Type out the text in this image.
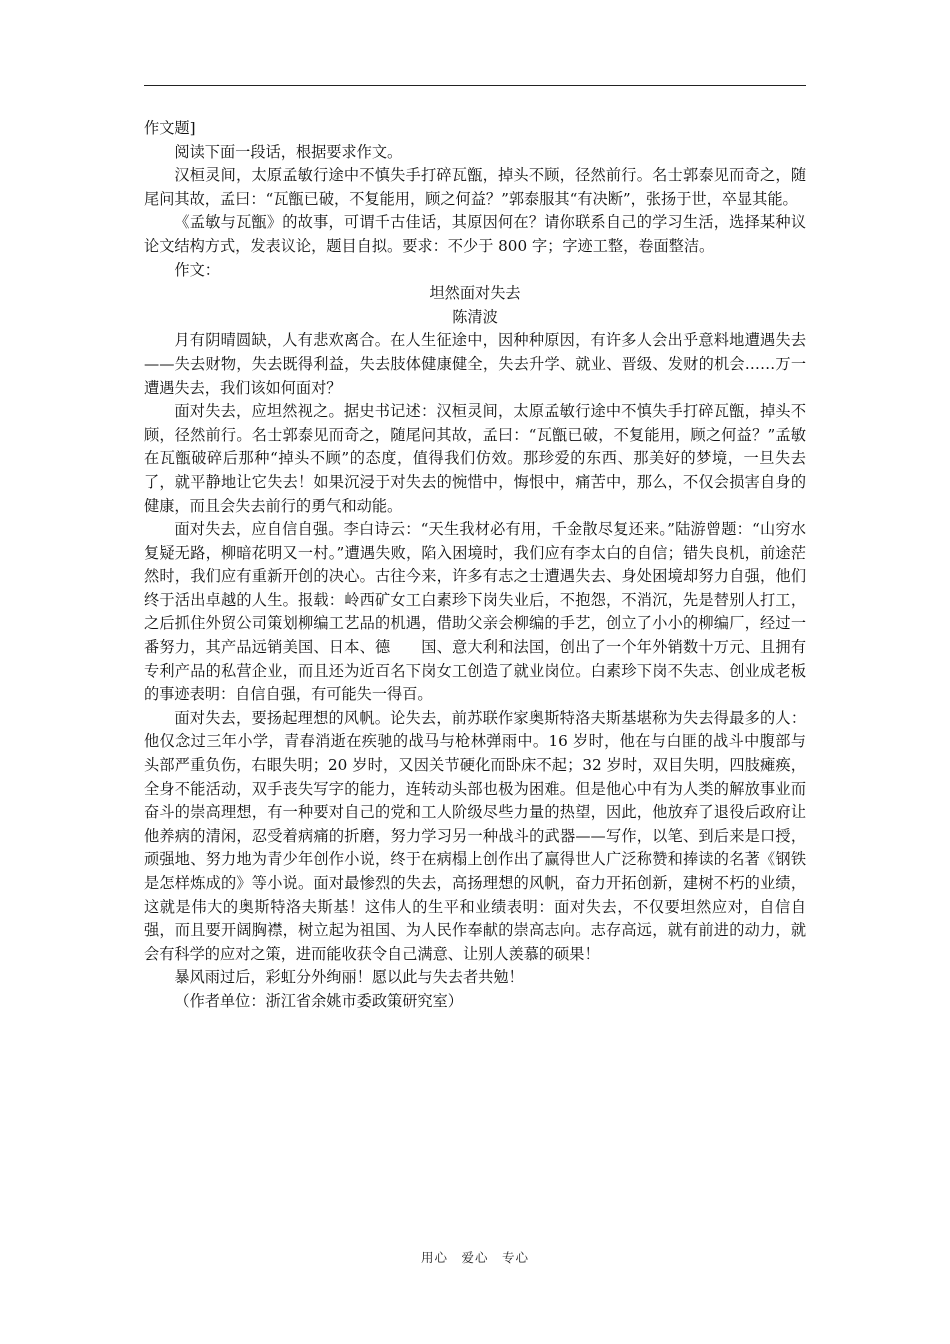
作文题]

阅读下面一段话，根据要求作文。

汉桓灵间，太原孟敏行途中不慎失手打碎瓦甑，掉头不顾，径然前行。名士郭泰见而奇之，随尾问其故，孟曰：“瓦甑已破，不复能用，顾之何益？”郭泰服其“有决断”，张扬于世，卒显其能。

《孟敏与瓦甑》的故事，可谓千古佳话，其原因何在？请你联系自己的学习生活，选择某种议论文结构方式，发表议论，题目自拟。要求：不少于 800 字；字迹工整，卷面整洁。

作文：

坦然面对失去

陈清波

月有阴晴圆缺，人有悲欢离合。在人生征途中，因种种原因，有许多人会出乎意料地遭遇失去——失去财物，失去既得利益，失去肢体健康健全，失去升学、就业、晋级、发财的机会……万一遭遇失去，我们该如何面对？

面对失去，应坦然视之。据史书记述：汉桓灵间，太原孟敏行途中不慎失手打碎瓦甑，掉头不顾，径然前行。名士郭泰见而奇之，随尾问其故，孟曰：“瓦甑已破，不复能用，顾之何益？”孟敏在瓦甑破碎后那种“掉头不顾”的态度，值得我们仿效。那珍爱的东西、那美好的梦境，一旦失去了，就平静地让它失去！如果沉浸于对失去的惋惜中，悔恨中，痛苦中，那么，不仅会损害自身的健康，而且会失去前行的勇气和动能。

面对失去，应自信自强。李白诗云：“天生我材必有用，千金散尽复还来。”陆游曾题：“山穷水复疑无路，柳暗花明又一村。”遭遇失败，陷入困境时，我们应有李太白的自信；错失良机，前途茫然时，我们应有重新开创的决心。古往今来，许多有志之士遭遇失去、身处困境却努力自强，他们终于活出卓越的人生。报载：岭西矿女工白素珍下岗失业后，不抱怨，不消沉，先是替别人打工，之后抓住外贸公司策划柳编工艺品的机遇，借助父亲会柳编的手艺，创立了小小的柳编厂，经过一番努力，其产品远销美国、日本、德　　国、意大利和法国，创出了一个年外销数十万元、且拥有专利产品的私营企业，而且还为近百名下岗女工创造了就业岗位。白素珍下岗不失志、创业成老板的事迹表明：自信自强，有可能失一得百。

面对失去，要扬起理想的风帆。论失去，前苏联作家奥斯特洛夫斯基堪称为失去得最多的人：他仅念过三年小学，青春消逝在疾驰的战马与枪林弹雨中。16 岁时，他在与白匪的战斗中腹部与头部严重负伤，右眼失明；20 岁时，又因关节硬化而卧床不起；32 岁时，双目失明，四肢瘫痪，全身不能活动，双手丧失写字的能力，连转动头部也极为困难。但是他心中有为人类的解放事业而奋斗的崇高理想，有一种要对自己的党和工人阶级尽些力量的热望，因此，他放弃了退役后政府让他养病的清闲，忍受着病痛的折磨，努力学习另一种战斗的武器——写作，以笔、到后来是口授，顽强地、努力地为青少年创作小说，终于在病榻上创作出了赢得世人广泛称赞和捧读的名著《钢铁是怎样炼成的》等小说。面对最惨烈的失去，高扬理想的风帆，奋力开拓创新，建树不朽的业绩，这就是伟大的奥斯特洛夫斯基！这伟人的生平和业绩表明：面对失去，不仅要坦然应对，自信自强，而且要开阔胸襟，树立起为祖国、为人民作奉献的崇高志向。志存高远，就有前进的动力，就会有科学的应对之策，进而能收获令自己满意、让别人羡慕的硕果！

暴风雨过后，彩虹分外绚丽！愿以此与失去者共勉！

（作者单位：浙江省余姚市委政策研究室）

用心　爱心　专心
